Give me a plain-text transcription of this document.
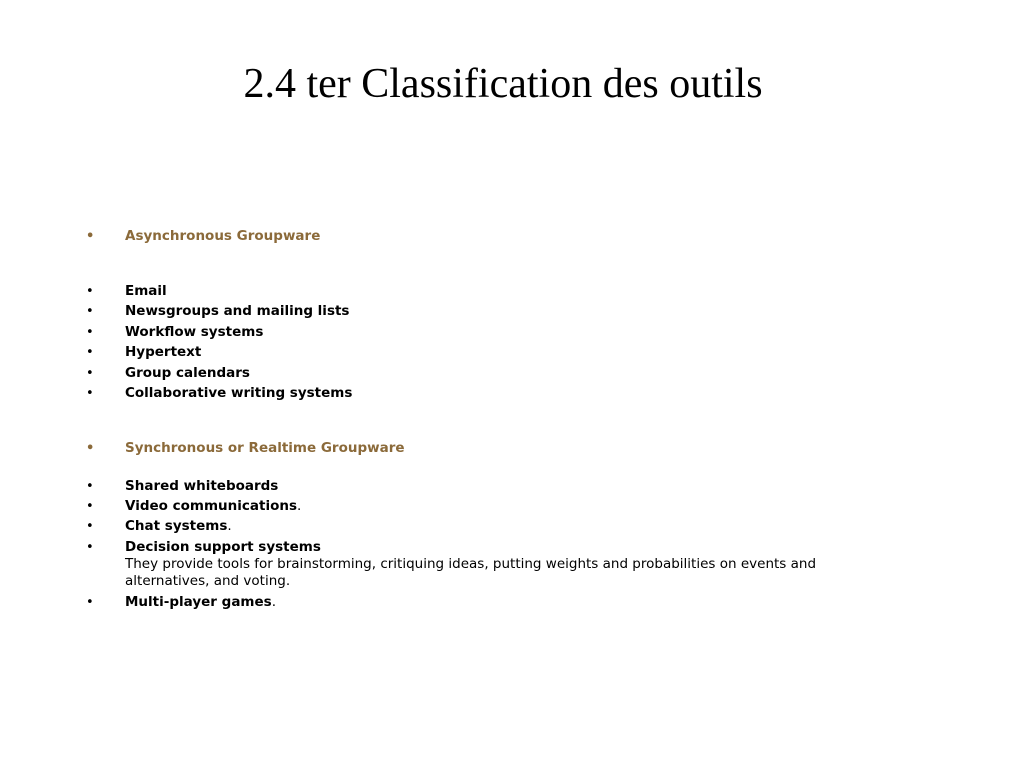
2.4 ter Classification des outils
•	Asynchronous Groupware
•	Email
•	Newsgroups and mailing lists
•	Workflow systems
•	Hypertext
•	Group calendars
•	Collaborative writing systems
•	Synchronous or Realtime Groupware
•	Shared whiteboards
•	Video communications.
•	Chat systems.
•	Decision support systems
They provide tools for brainstorming, critiquing ideas, putting weights and probabilities on events and alternatives, and voting.
•	Multi-player games.
